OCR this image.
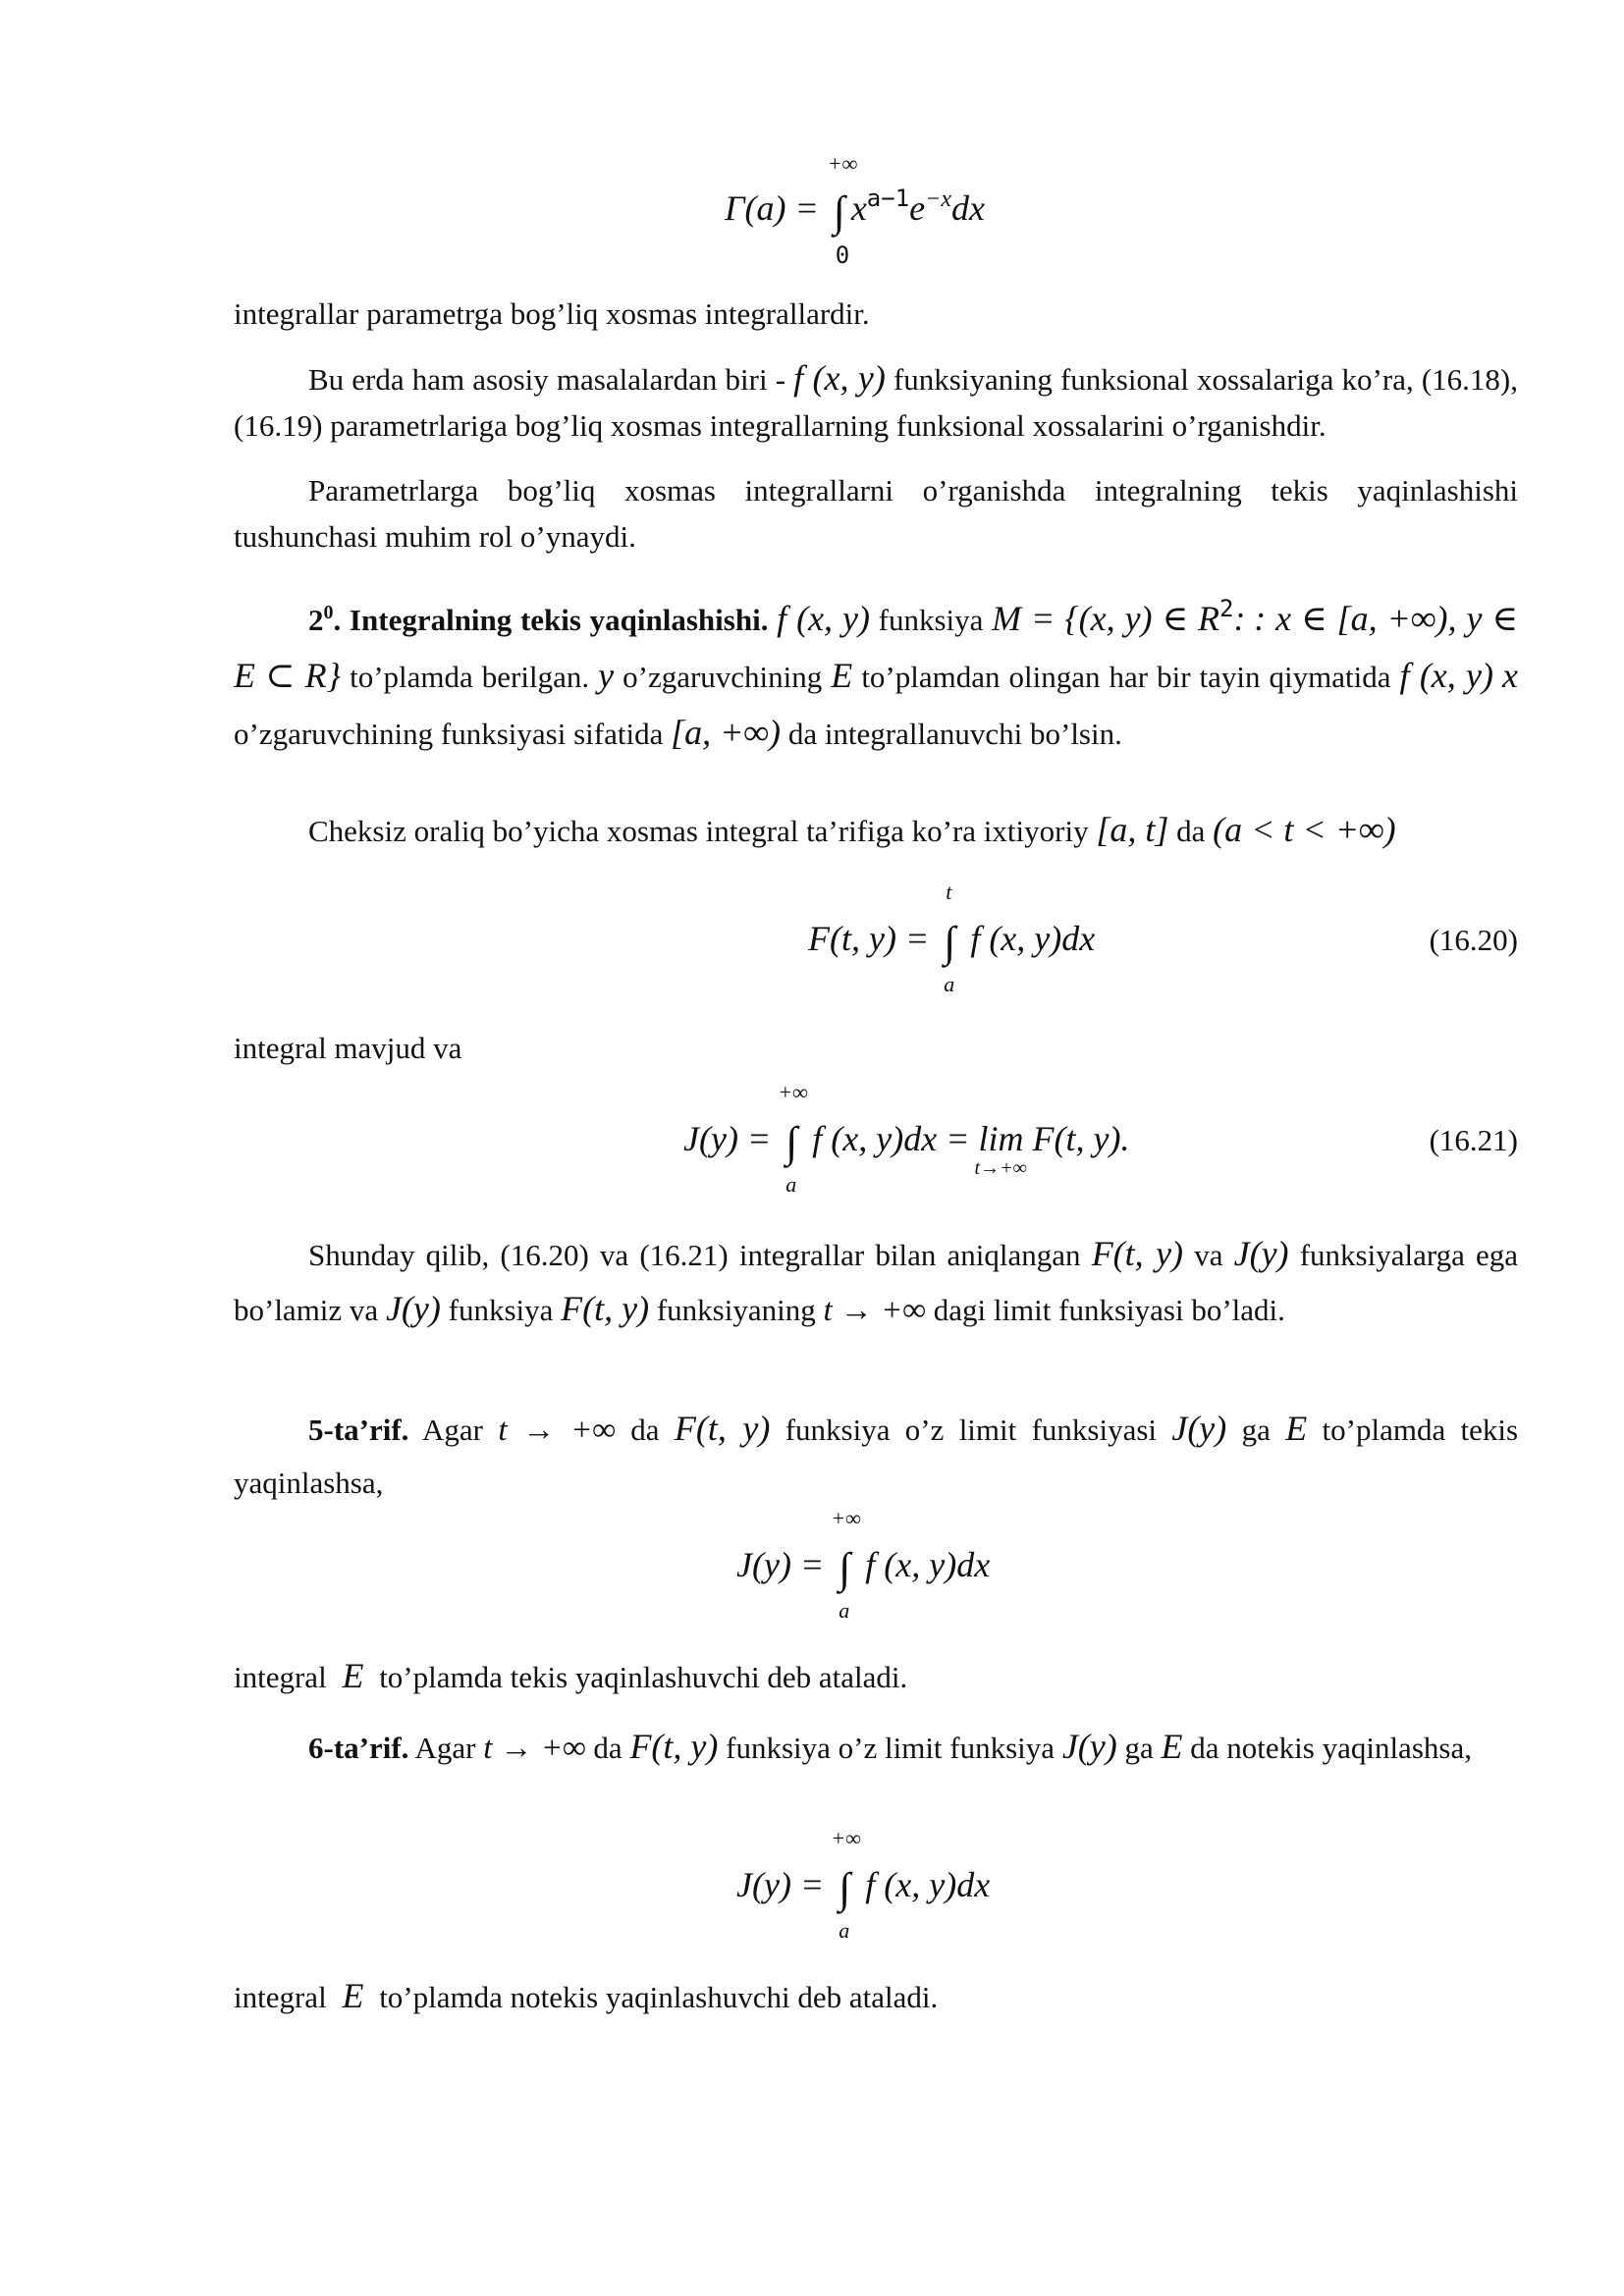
Γ(a) = ∫
+∞
0
$x^{a-1}e^{-x}dx$

integrallar parametrga bog’liq xosmas integrallardir.

Bu erda ham asosiy masalalardan biri - f (x, y) funksiyaning funksional xossalariga ko’ra, (16.18), (16.19) parametrlariga bog’liq xosmas integrallarning funksional xossalarini o’rganishdir.

Parametrlarga bog’liq xosmas integrallarni o’rganishda integralning tekis yaqinlashishi tushunchasi muhim rol o’ynaydi.

$2^0$. Integralning tekis yaqinlashishi. f (x, y) funksiya M = {(x, y) ∈ $R^2$: : x ∈ [a, +∞), y ∈ E ⊂ R} to’plamda berilgan. y o’zgaruvchining E to’plamdan olingan har bir tayin qiymatida f (x, y) x o’zgaruvchining funksiyasi sifatida [a, +∞) da integrallanuvchi bo’lsin.

Cheksiz oraliq bo’yicha xosmas integral ta’rifiga ko’ra ixtiyoriy [a, t] da (a < t < +∞)

F(t, y) = ∫
t
a
f (x, y)dx	(16.20)

integral mavjud va

J(y) = ∫
+∞
a
f (x, y)dx = lim
t→+∞
F(t, y).	(16.21)

Shunday qilib, (16.20) va (16.21) integrallar bilan aniqlangan F(t, y) va J(y) funksiyalarga ega bo’lamiz va J(y) funksiya F(t, y) funksiyaning t → +∞ dagi limit funksiyasi bo’ladi.

5-ta’rif. Agar t → +∞ da F(t, y) funksiya o’z limit funksiyasi J(y) ga E to’plamda tekis yaqinlashsa,

J(y) = ∫
+∞
a
f (x, y)dx

integral E to’plamda tekis yaqinlashuvchi deb ataladi.

6-ta’rif. Agar t → +∞ da F(t, y) funksiya o’z limit funksiya J(y) ga E da notekis yaqinlashsa,

J(y) = ∫
+∞
a
f (x, y)dx

integral E to’plamda notekis yaqinlashuvchi deb ataladi.
